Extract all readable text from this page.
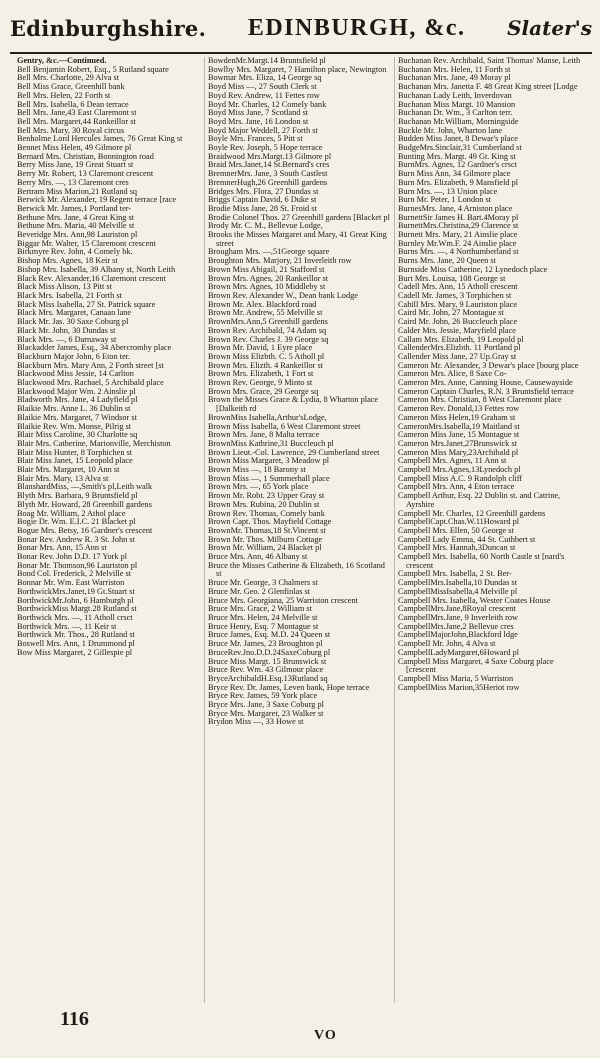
Edinburghshire. EDINBURGH, &c. Slater's

Gentry, &c.—Continued.

Bell Benjamin Robert, Esq., 5 Rutland square

Bell Mrs. Charlotte, 29 Alva st

Bell Miss Grace, Greenhill bank

Bell Mrs. Helen, 22 Forth st

Bell Mrs. Isabella, 6 Dean terrace

Bell Mrs. Jane,43 East Claremont st

Bell Mrs. Margaret,44 Rankeillor st

Bell Mrs. Mary, 30 Royal circus

Benholme Lord Hercules James, 76 Great King st

Bennet Miss Helen, 49 Gilmore pl

Bernard Mrs. Christian, Bonnington road

Berry Miss Jane, 19 Great Stuart st

Berry Mr. Robert, 13 Claremont crescent

Berry Mrs. —, 13 Claremont cres

Bertram Miss Marion,21 Rutland sq

Berwick Mr. Alexander, 19 Regent terrace [race

Berwick Mr. James,1 Portland ter-

Bethune Mrs. Jane, 4 Great King st

Bethune Mrs. Maria, 40 Melville st

Beveridge Mrs. Ann,98 Lauriston pl

Biggar Mr. Walter, 15 Claremont crescent

Birkmyre Rev. John, 4 Comely bk.

Bishop Mrs. Agnes, 18 Keir st

Bishop Mrs. Isabella, 39 Albany st, North Leith

Black Rev. Alexander,16 Claremont crescent

Black Miss Alison, 13 Pitt st

Black Mrs. Isabella, 21 Forth st

Black Miss Isabella, 27 St. Patrick square

Black Mrs. Margaret, Canaan lane

Black Mr. Jas. 30 Saxe Coburg pl

Black Mr. John, 30 Dundas st

Black Mrs. —, 6 Darnaway st

Blackadder James, Esq., 34 Abercromby place

Blackburn Major John, 6 Eton ter.

Blackburn Mrs. Mary Ann, 2 Forth street [st

Blackwood Miss Jessie, 14 Carlton

Blackwood Mrs. Rachael, 5 Archibald place

Blackwood Major Wm. 2 Ainslie pl

Bladworth Mrs. Jane, 4 Ladyfield pl

Blaikie Mrs. Anne L. 36 Dublin st

Blaikie Mrs. Margaret, 7 Windsor st

Blaikie Rev. Wm. Monse, Pilrig st

Blair Miss Caroline, 30 Charlotte sq

Blair Mrs. Catherine, Marionville, Merchiston

Blair Miss Hunter, 8 Torphichen st

Blair Miss Janet, 15 Leopold place

Blair Mrs. Margaret, 10 Ann st

Blair Mrs. Mary, 13 Alva st

BlanshardMiss, —,Smith's pl,Leith walk

Blyth Mrs. Barbara, 9 Bruntsfield pl

Blyth Mr. Howard, 28 Greenhill gardens

Boag Mr. William, 2 Athol place

Bogie Dr. Wm. E.I.C. 21 Blacket pl

Bogue Mrs. Betsy, 16 Gardner's crescent

Bonar Rev. Andrew R. 3 St. John st

Bonar Mrs. Ann, 15 Ann st

Bonar Rev. John D.D. 17 York pl

Bonar Mr. Thomson,96 Lauriston pl

Bond Col. Frederick, 2 Melville st

Bonnar Mr. Wm. East Warriston

BorthwickMrs.Janet,19 Gt.Stuart st

BorthwickMr.John, 6 Hamburgh pl

BorthwickMiss Margt.28 Rutland st

Borthwick Mrs. —, 11 Atholl crsct

Borthwick Mrs. —, 11 Keir st

Borthwick Mr. Thos., 28 Rutland st

Boswell Mrs. Ann, 1 Drummond pl

Bow Miss Margaret, 2 Gillespie pl

BowdenMr.Margt.14 Bruntsfield pl

Bowlby Mrs. Margaret, 7 Hamilton place, Newington

Bowmar Mrs. Eliza, 14 George sq

Boyd Miss —, 27 South Clerk st

Boyd Rev. Andrew, 11 Fettes row

Boyd Mr. Charles, 12 Comely bank

Boyd Miss Jane, 7 Scotland st

Boyd Mrs. Jane, 16 London st

Boyd Major Weddell, 27 Forth st

Boyle Mrs. Frances, 5 Pitt st

Boyle Rev. Joseph, 5 Hope terrace

Braidwood Mrs.Margt.13 Gilmore pl

Braid Mrs.Janet,14 St.Bernard's cres

BremnerMrs. Jane, 3 South Castlest

BremnerHugh,26 Greenhill gardens

Bridges Mrs. Flora, 27 Dundas st

Briggs Captain David, 6 Duke st

Brodie Miss Jane, 28 St. Froid st

Brodie Colonel Thos. 27 Greenhill gardens [Blacket pl

Brody Mr. C. M., Bellevue Lodge,

Brooks the Misses Margaret and Mary, 41 Great King street

Brougham Mrs. —,51George square

Broughton Mrs. Marjory, 21 Inverleith row

Brown Miss Abigail, 21 Stafford st

Brown Mrs. Agnes, 20 Rankeillor st

Brown Mrs. Agnes, 10 Middleby st

Brown Rev. Alexander W., Dean bank Lodge

Brown Mr. Alex. Blackford road

Brown Mr. Andrew, 55 Melville st

BrownMrs.Ann,5 Greenhill gardens

Brown Rev. Archibald, 74 Adam sq

Brown Rev. Charles J. 39 George sq

Brown Mr. David, 1 Eyre place

Brown Miss Elizbth. C. 5 Atholl pl

Brown Mrs. Elizth. 4 Rankeillor st

Brown Mrs. Elizabeth, 1 Fort st

Brown Rev. George, 9 Minto st

Brown Mrs. Grace, 29 George sq

Brown the Misses Grace & Lydia, 8 Wharton place [Dalkeith rd

BrownMiss Isabella,Arthur'sLodge,

Brown Miss Isabella, 6 West Claremont street

Brown Mrs. Jane, 8 Malta terrace

BrownMiss Kathrine,31 Buccleuch pl

Brown Lieut.-Col. Lawrence, 29 Cumberland street

Brown Miss Margaret, 3 Meadow pl

Brown Miss —, 18 Barony st

Brown Miss —, 1 Summerhall place

Brown Mrs. —, 65 York place

Brown Mr. Robt. 23 Upper Gray st

Brown Mrs. Rubina, 20 Dublin st

Brown Rev. Thomas, Comely bank

Brown Capt. Thos. Mayfield Cottage

BrownMr. Thomas,18 St.Vincent st

Brown Mr. Thos. Milburn Cottage

Brown Mr. William, 24 Blacket pl

Bruce Mrs. Ann, 46 Albany st

Bruce the Misses Catherine & Elizabeth, 16 Scotland st

Bruce Mr. George, 3 Chalmers st

Bruce Mr. Geo. 2 Glenfinlas st

Bruce Mrs. Georgiana, 25 Warriston crescent

Bruce Mrs. Grace, 2 William st

Bruce Mrs. Helen, 24 Melville st

Bruce Henry, Esq. 7 Montague st

Bruce James, Esq. M.D. 24 Queen st

Bruce Mr. James, 23 Broughton pl

BruceRev.Jno.D.D.24SaxeCoburg pl

Bruce Miss Margt. 15 Brunswick st

Bruce Rev. Wm. 43 Gilmour place

BryceArchibaldH.Esq.13Rutland sq

Bryce Rev. Dr. James, Leven bank, Hope terrace

Bryce Rev. James, 59 York place

Bryce Mrs. Jane, 3 Saxe Coburg pl

Bryce Mrs. Margaret, 23 Walker st

Brydon Miss —, 33 Howe st

Buchanan Rev. Archibald, Saint Thomas' Manse, Leith

Buchanan Mrs. Helen, 11 Forth st

Buchanan Mrs. Jane, 49 Moray pl

Buchanan Mrs. Janetta F. 48 Great King street [Lodge

Buchanan Lady Leith, Inverdovan

Buchanan Miss Margt. 10 Mansion

Buchanan Dr. Wm., 3 Carlton terr.

Buchanan Mr.William, Morningside

Buckle Mr. John, Wharton lane

Budden Miss Janet, 8 Dewar's place

BudgeMrs.Sinclair,31 Cumberland st

Bunting Mrs. Margt. 49 Gt. King st

BurnMrs. Agnes, 12 Gardner's crsct

Burn Miss Ann, 34 Gilmore place

Burn Mrs. Elizabeth, 9 Mansfield pl

Burn Mrs. —, 13 Union place

Burn Mr. Peter, 1 London st

BurnesMrs. Jane, 4 Arniston place

BurnettSir James H. Bart.4Moray pl

BurnettMrs.Christina,29 Clarence st

Burnett Mrs. Mary, 21 Ainslie place

Burnley Mr.Wm.F. 24 Ainslie place

Burns Mrs. —, 4 Northumberland st

Burns Mrs. Jane, 20 Queen st

Burnside Miss Catherine, 12 Lynedoch place

Burt Mrs. Louisa, 108 George st

Cadell Mrs. Ann, 15 Atholl crescent

Cadell Mr. James, 3 Torphichen st

Cahill Mrs. Mary, 9 Lauriston place

Caird Mr. John, 27 Montague st

Caird Mr. John, 26 Buccleuch place

Calder Mrs. Jessie, Maryfield place

Callam Mrs. Elizabeth, 19 Leopold pl

CallenderMrs.Elizbth. 11 Portland pl

Callender Miss Jane, 27 Up.Gray st

Cameron Mr. Alexander, 3 Dewar's place [bourg place

Cameron Mrs. Alice, 8 Saxe Co-

Cameron Mrs. Anne, Canning House, Causewayside

Cameron Captain Charles, R.N. 3 Bruntsfield terrace

Cameron Mrs. Christian, 8 West Claremont place

Cameron Rev. Donald,13 Fettes row

Cameron Miss Helen,19 Graham st

CameronMrs.Isabella,19 Maitland st

Cameron Miss Jane, 15 Montague st

Cameron Mrs.Janet,27Brunswick st

Cameron Miss Mary,23Archibald pl

Campbell Mrs. Agnes, 11 Ann st

Campbell Mrs.Agnes,13Lynedoch pl

Campbell Miss A.C. 9 Randolph cliff

Campbell Mrs. Ann, 4 Eton terrace

Campbell Arthur, Esq. 22 Dublin st. and Catrine, Ayrshire

Campbell Mr. Charles, 12 Greenhill gardens

CampbellCapt.Chas.W.11Howard pl

Campbell Mrs. Ellen, 50 George st

Campbell Lady Emma, 44 St. Cuthbert st

Campbell Mrs. Hannah,3Duncan st

Campbell Mrs. Isabella, 60 North Castle st [nard's crescent

Campbell Mrs. Isabella, 2 St. Ber-

CampbellMrs.Isabella,10 Dundas st

CampbellMissIsabella,4 Melville pl

Campbell Mrs. Isabella, Wester Coates House

CampbellMrs.Jane,8Royal crescent

CampbellMrs.Jane, 9 Inverleith row

CampbellMrs.Jane,2 Bellevue cres

CampbellMajorJohn,Blackford ldge

Campbell Mr. John, 4 Alva st

CampbellLadyMargaret,6Howard pl

Campbell Miss Margaret, 4 Saxe Coburg place [crescent

Campbell Miss Maria, 5 Warriston

CampbellMiss Marion,35Heriot row

116
VO
